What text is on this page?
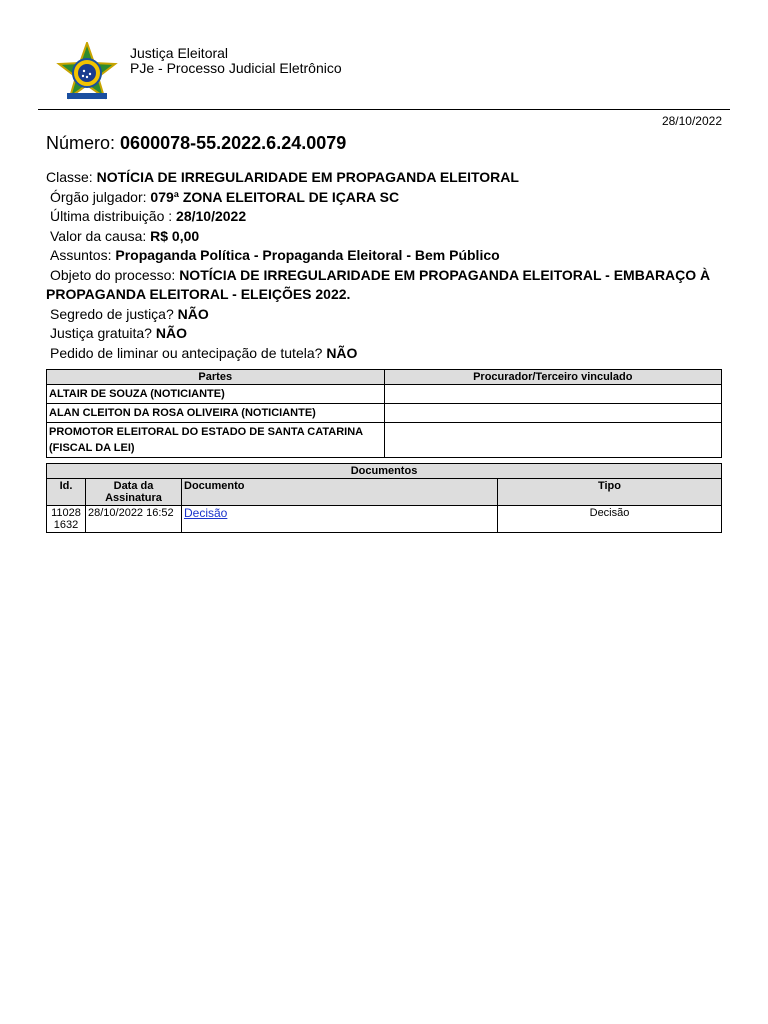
Justiça Eleitoral
PJe - Processo Judicial Eletrônico
28/10/2022
Número: 0600078-55.2022.6.24.0079
Classe: NOTÍCIA DE IRREGULARIDADE EM PROPAGANDA ELEITORAL
Órgão julgador: 079ª ZONA ELEITORAL DE IÇARA SC
Última distribuição : 28/10/2022
Valor da causa: R$ 0,00
Assuntos: Propaganda Política - Propaganda Eleitoral - Bem Público
Objeto do processo: NOTÍCIA DE IRREGULARIDADE EM PROPAGANDA ELEITORAL - EMBARAÇO À PROPAGANDA ELEITORAL - ELEIÇÕES 2022.
Segredo de justiça? NÃO
Justiça gratuita? NÃO
Pedido de liminar ou antecipação de tutela? NÃO
Partes	Procurador/Terceiro vinculado
ALTAIR DE SOUZA (NOTICIANTE)	
ALAN CLEITON DA ROSA OLIVEIRA (NOTICIANTE)	
PROMOTOR ELEITORAL DO ESTADO DE SANTA CATARINA (FISCAL DA LEI)	
Documentos			
Id.	Data da Assinatura	Documento	Tipo
11028 1632	28/10/2022 16:52	Decisão	Decisão
